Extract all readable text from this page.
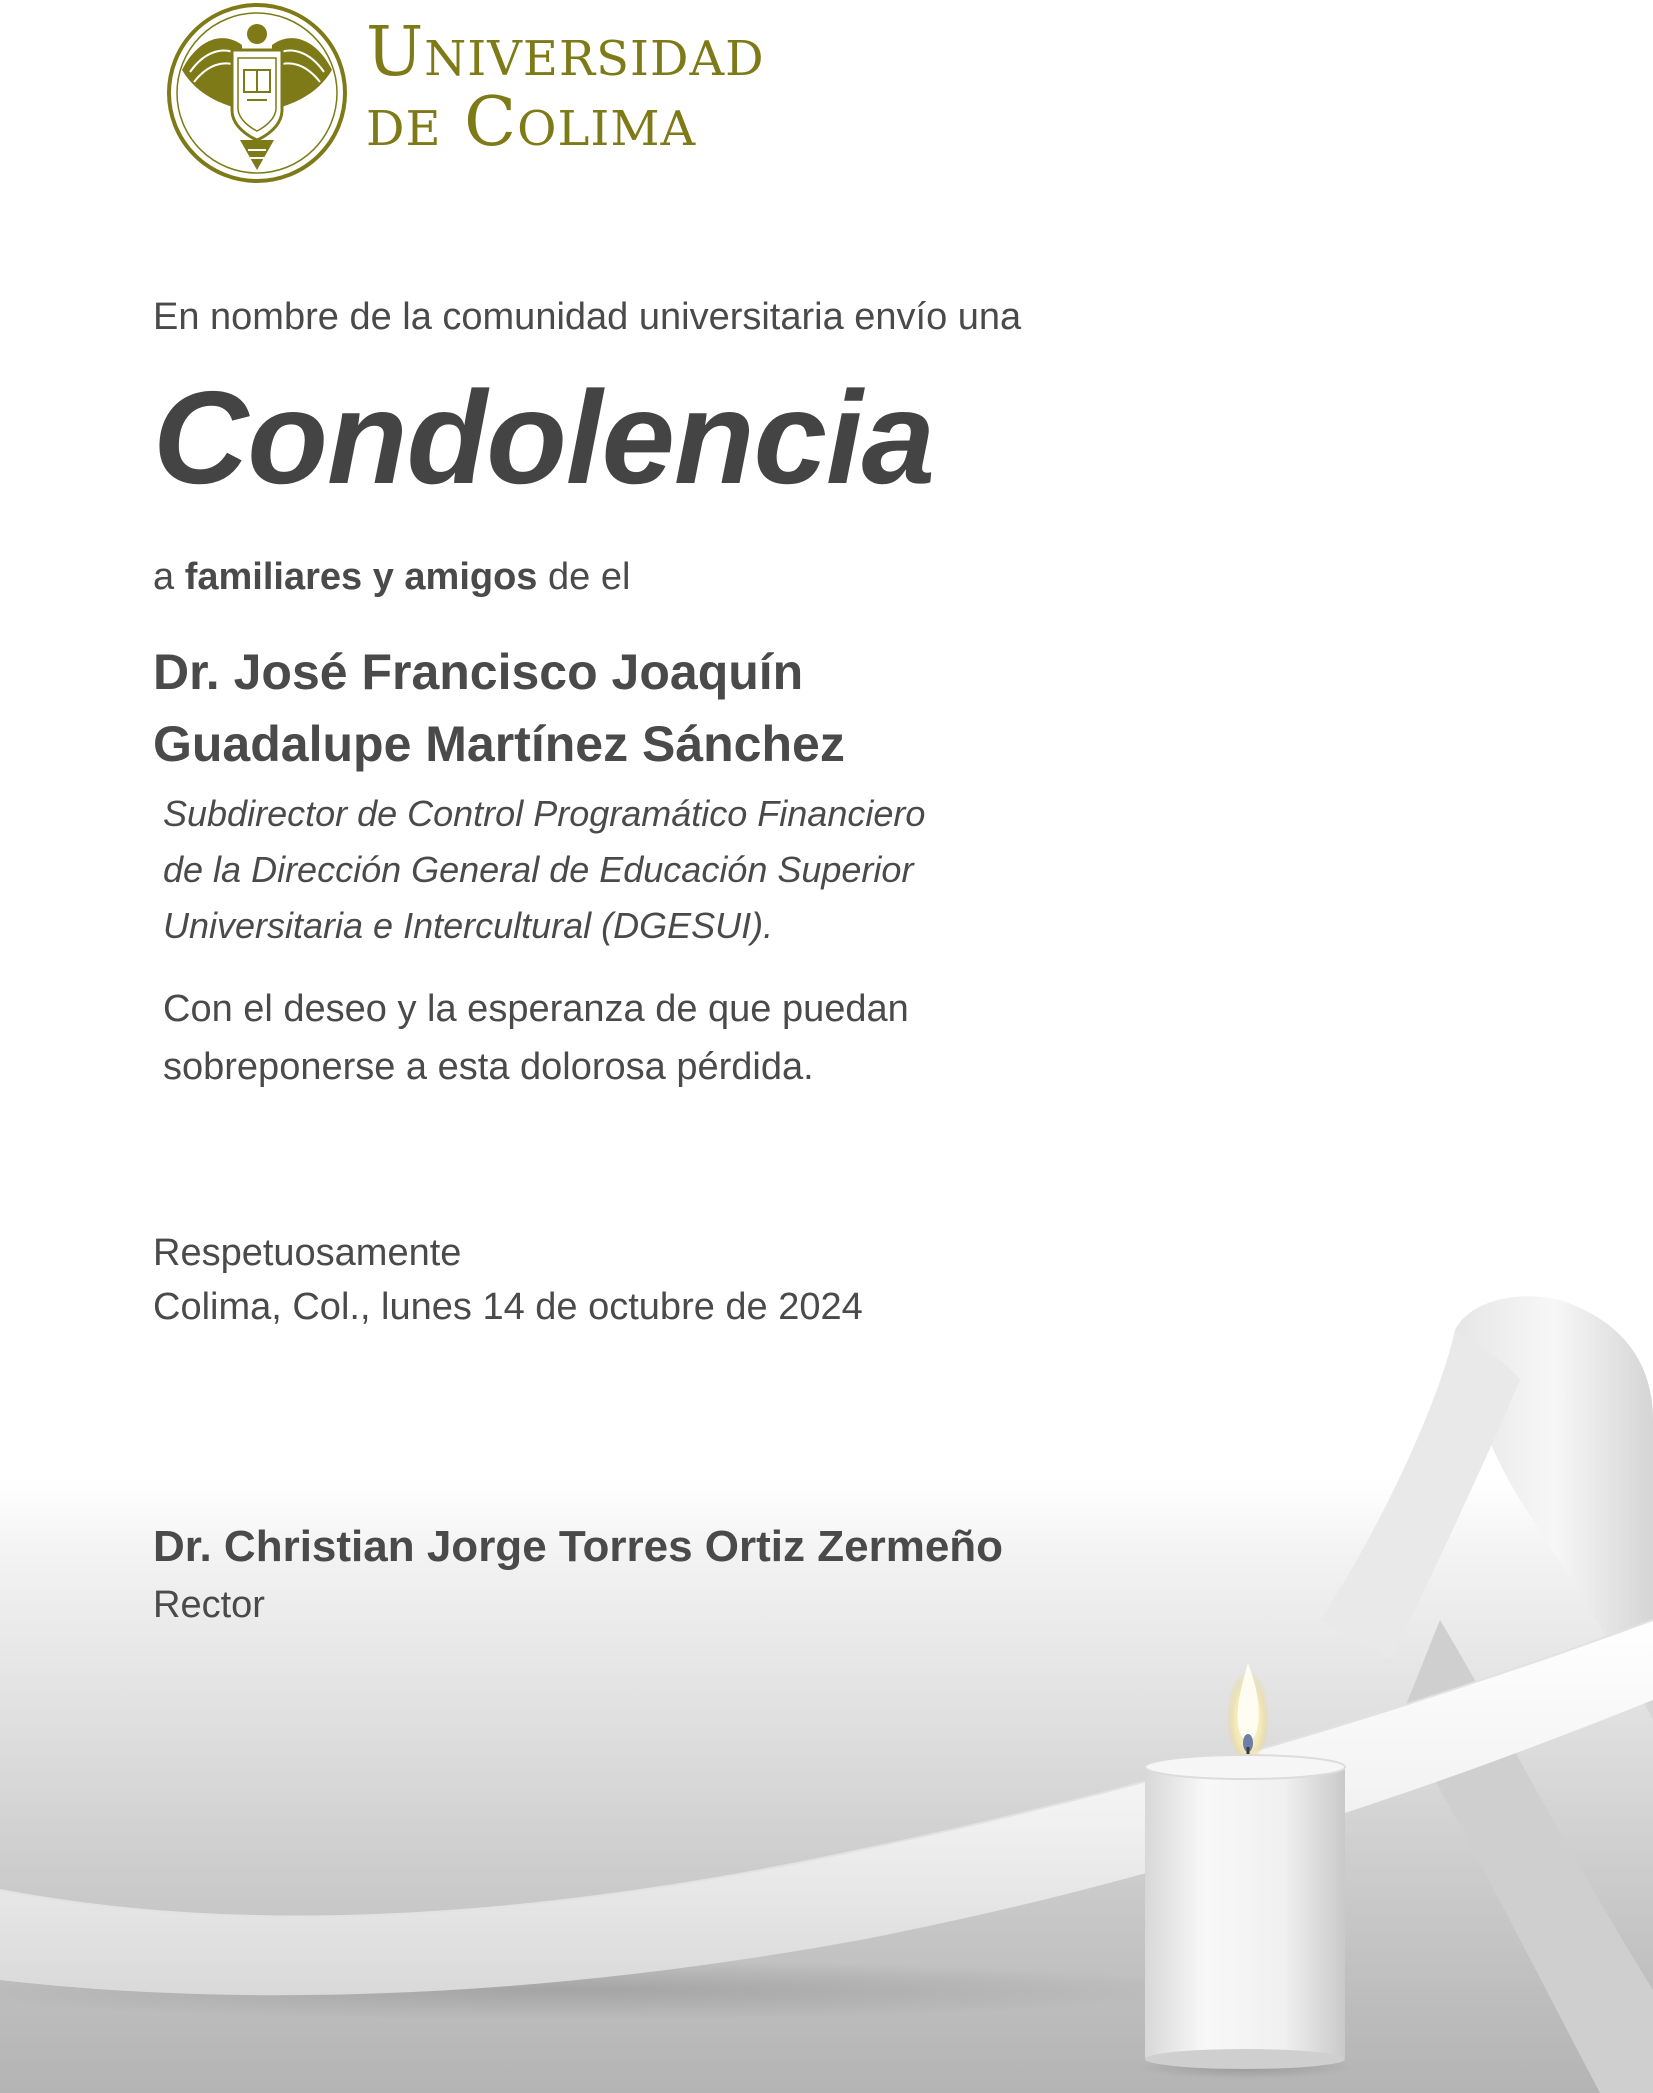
Universidad
de Colima
En nombre de la comunidad universitaria envío una
Condolencia
a familiares y amigos de el
Dr. José Francisco Joaquín
Guadalupe Martínez Sánchez
Subdirector de Control Programático Financiero
de la Dirección General de Educación Superior
Universitaria e Intercultural (DGESUI).
Con el deseo y la esperanza de que puedan
sobreponerse a esta dolorosa pérdida.
Respetuosamente
Colima, Col., lunes 14 de octubre de 2024
Dr. Christian Jorge Torres Ortiz Zermeño
Rector
